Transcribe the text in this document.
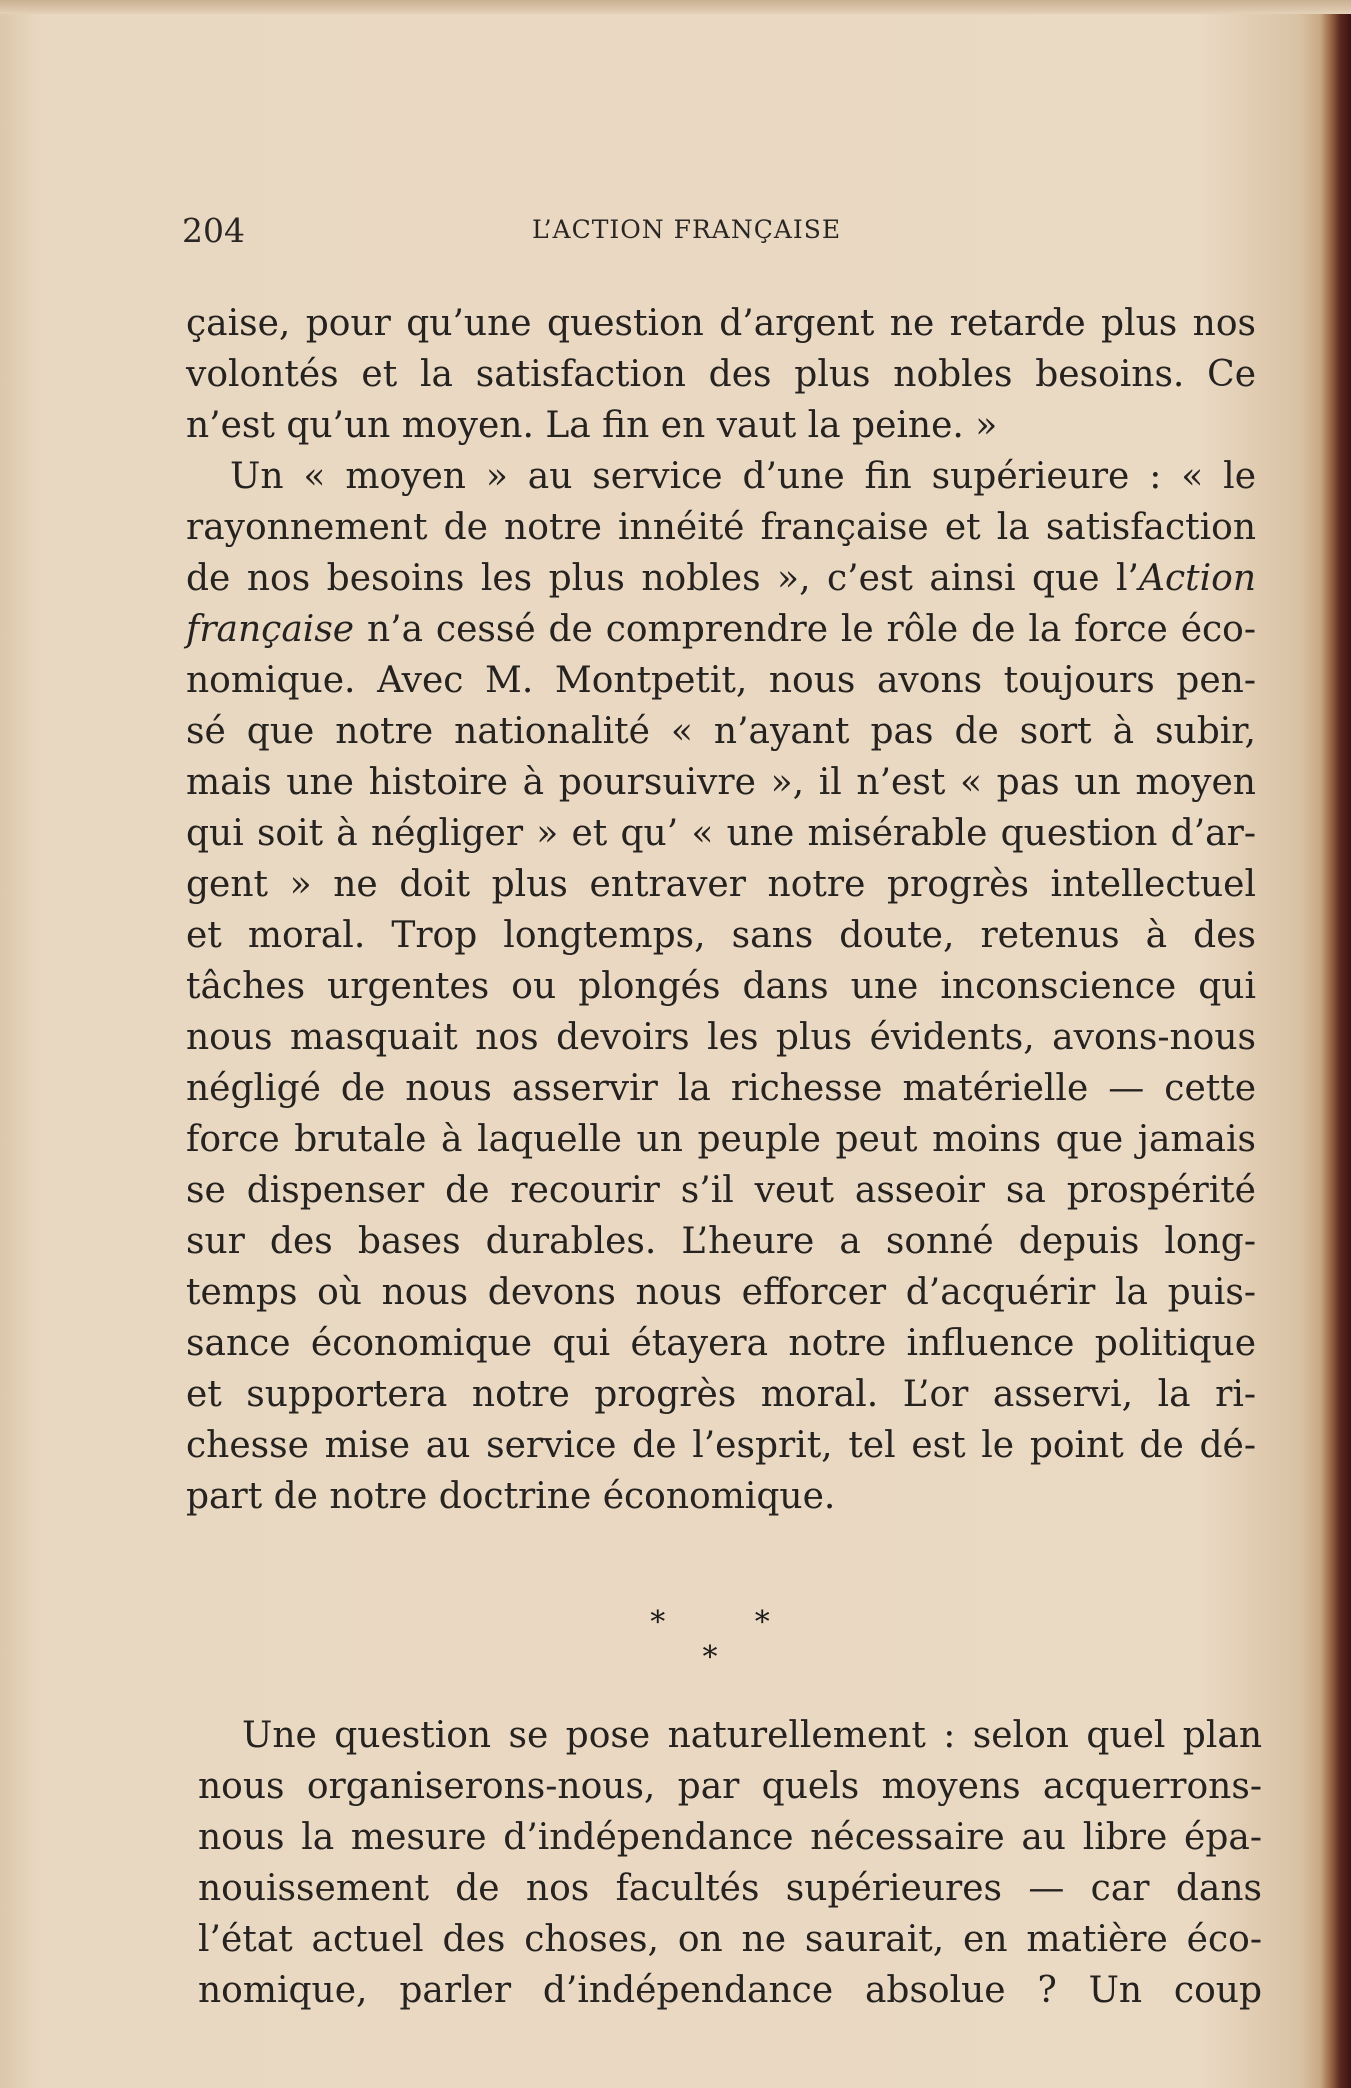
204	L’ACTION FRANÇAISE
çaise, pour qu’une question d’argent ne retarde plus nos
volontés et la satisfaction des plus nobles besoins. Ce
n’est qu’un moyen. La fin en vaut la peine. »
Un « moyen » au service d’une fin supérieure : « le
rayonnement de notre innéité française et la satisfaction
de nos besoins les plus nobles », c’est ainsi que l’Action
française n’a cessé de comprendre le rôle de la force éco-
nomique. Avec M. Montpetit, nous avons toujours pen-
sé que notre nationalité « n’ayant pas de sort à subir,
mais une histoire à poursuivre », il n’est « pas un moyen
qui soit à négliger » et qu’ « une misérable question d’ar-
gent » ne doit plus entraver notre progrès intellectuel
et moral. Trop longtemps, sans doute, retenus à des
tâches urgentes ou plongés dans une inconscience qui
nous masquait nos devoirs les plus évidents, avons-nous
négligé de nous asservir la richesse matérielle — cette
force brutale à laquelle un peuple peut moins que jamais
se dispenser de recourir s’il veut asseoir sa prospérité
sur des bases durables. L’heure a sonné depuis long-
temps où nous devons nous efforcer d’acquérir la puis-
sance économique qui étayera notre influence politique
et supportera notre progrès moral. L’or asservi, la ri-
chesse mise au service de l’esprit, tel est le point de dé-
part de notre doctrine économique.
* * *
Une question se pose naturellement : selon quel plan
nous organiserons-nous, par quels moyens acquerrons-
nous la mesure d’indépendance nécessaire au libre épa-
nouissement de nos facultés supérieures — car dans
l’état actuel des choses, on ne saurait, en matière éco-
nomique, parler d’indépendance absolue ? Un coup
